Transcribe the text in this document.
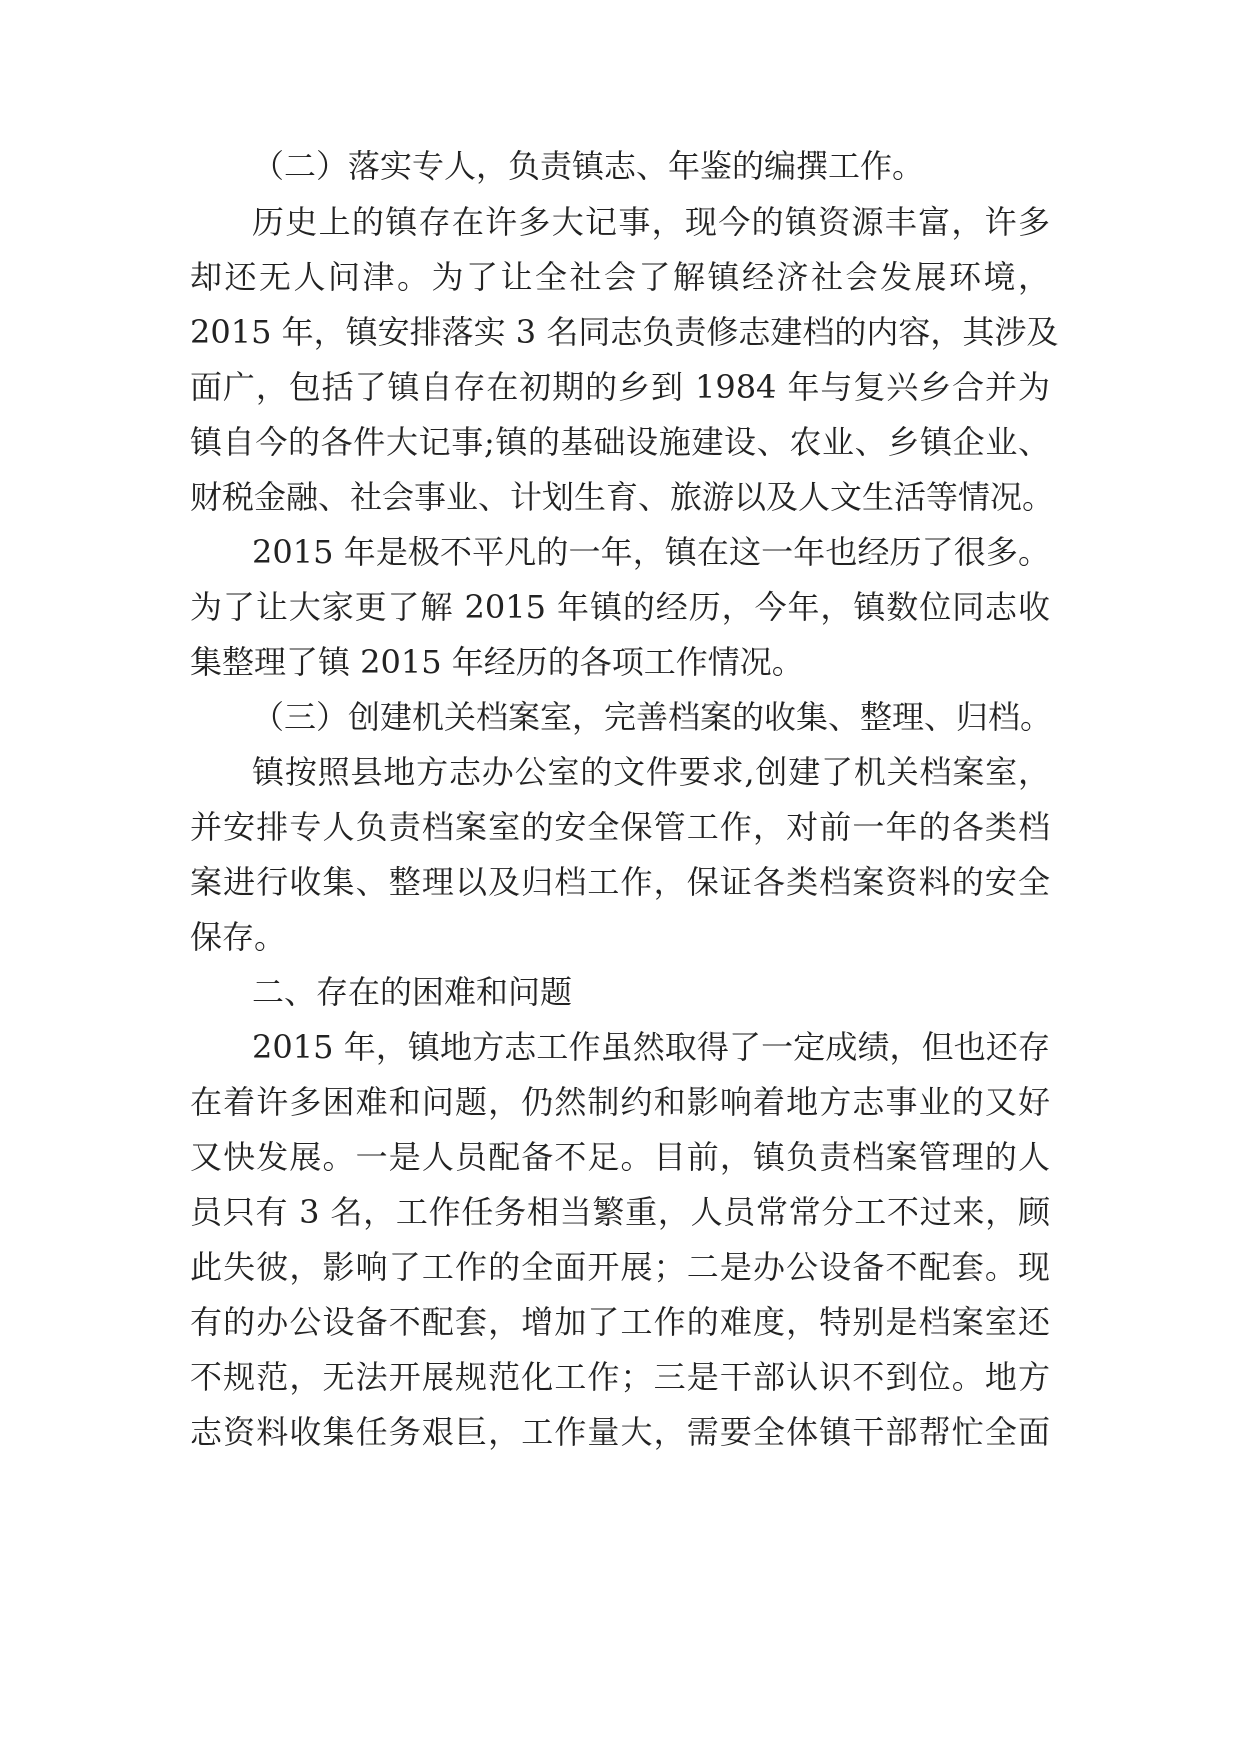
（二）落实专人，负责镇志、年鉴的编撰工作。
历史上的镇存在许多大记事，现今的镇资源丰富，许多
却还无人问津。为了让全社会了解镇经济社会发展环境，
2015 年，镇安排落实 3 名同志负责修志建档的内容，其涉及
面广，包括了镇自存在初期的乡到 1984 年与复兴乡合并为
镇自今的各件大记事;镇的基础设施建设、农业、乡镇企业、
财税金融、社会事业、计划生育、旅游以及人文生活等情况。
2015 年是极不平凡的一年，镇在这一年也经历了很多。
为了让大家更了解 2015 年镇的经历，今年，镇数位同志收
集整理了镇 2015 年经历的各项工作情况。
（三）创建机关档案室，完善档案的收集、整理、归档。
镇按照县地方志办公室的文件要求,创建了机关档案室，
并安排专人负责档案室的安全保管工作，对前一年的各类档
案进行收集、整理以及归档工作，保证各类档案资料的安全
保存。
二、存在的困难和问题
2015 年，镇地方志工作虽然取得了一定成绩，但也还存
在着许多困难和问题，仍然制约和影响着地方志事业的又好
又快发展。一是人员配备不足。目前，镇负责档案管理的人
员只有 3 名，工作任务相当繁重，人员常常分工不过来，顾
此失彼，影响了工作的全面开展；二是办公设备不配套。现
有的办公设备不配套，增加了工作的难度，特别是档案室还
不规范，无法开展规范化工作；三是干部认识不到位。地方
志资料收集任务艰巨，工作量大，需要全体镇干部帮忙全面
